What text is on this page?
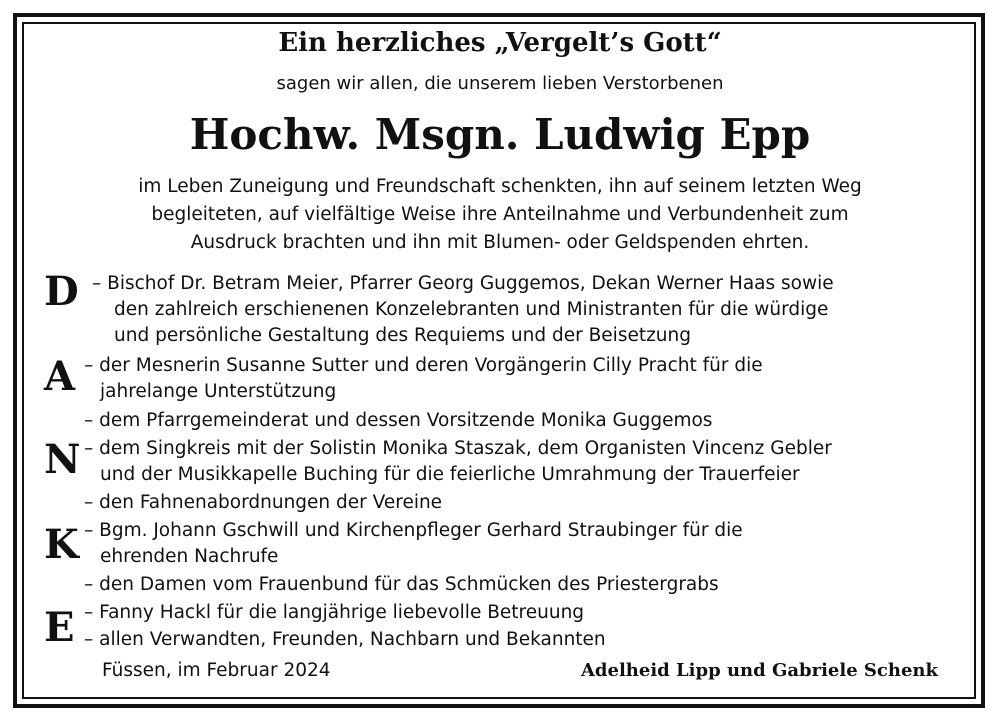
Ein herzliches „Vergelt’s Gott“
sagen wir allen, die unserem lieben Verstorbenen
Hochw. Msgn. Ludwig Epp
im Leben Zuneigung und Freundschaft schenkten, ihn auf seinem letzten Weg
begleiteten, auf vielfältige Weise ihre Anteilnahme und Verbundenheit zum
Ausdruck brachten und ihn mit Blumen- oder Geldspenden ehrten.
D
A
N
K
E
– Bischof Dr. Betram Meier, Pfarrer Georg Guggemos, Dekan Werner Haas sowie
den zahlreich erschienenen Konzelebranten und Ministranten für die würdige
und persönliche Gestaltung des Requiems und der Beisetzung
– der Mesnerin Susanne Sutter und deren Vorgängerin Cilly Pracht für die
jahrelange Unterstützung
– dem Pfarrgemeinderat und dessen Vorsitzende Monika Guggemos
– dem Singkreis mit der Solistin Monika Staszak, dem Organisten Vincenz Gebler
und der Musikkapelle Buching für die feierliche Umrahmung der Trauerfeier
– den Fahnenabordnungen der Vereine
– Bgm. Johann Gschwill und Kirchenpfleger Gerhard Straubinger für die
ehrenden Nachrufe
– den Damen vom Frauenbund für das Schmücken des Priestergrabs
– Fanny Hackl für die langjährige liebevolle Betreuung
– allen Verwandten, Freunden, Nachbarn und Bekannten
Füssen, im Februar 2024	Adelheid Lipp und Gabriele Schenk
